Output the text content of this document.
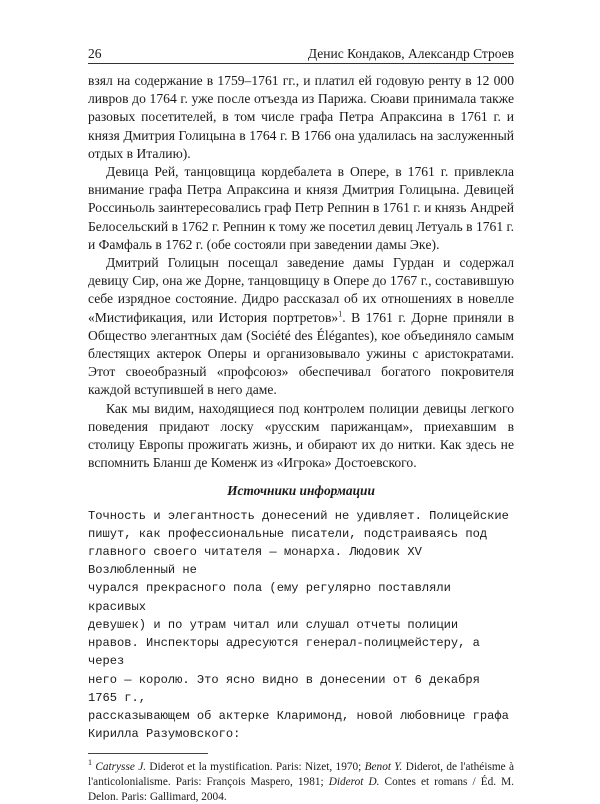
26	Денис Кондаков, Александр Строев

взял на содержание в 1759–1761 гг., и платил ей годовую ренту в 12 000 ливров до 1764 г. уже после отъезда из Парижа. Сюави принимала также разовых посетителей, в том числе графа Петра Апраксина в 1761 г. и князя Дмитрия Голицына в 1764 г. В 1766 она удалилась на заслуженный отдых в Италию).

Девица Рей, танцовщица кордебалета в Опере, в 1761 г. привлекла внимание графа Петра Апраксина и князя Дмитрия Голицына. Девицей Россиньоль заинтересовались граф Петр Репнин в 1761 г. и князь Андрей Белосельский в 1762 г. Репнин к тому же посетил девиц Летуаль в 1761 г. и Фамфаль в 1762 г. (обе состояли при заведении дамы Экe).

Дмитрий Голицын посещал заведение дамы Гурдан и содержал девицу Сир, она же Дорне, танцовщицу в Опере до 1767 г., составившую себе изрядное состояние. Дидро рассказал об их отношениях в новелле «Мистификация, или История портретов»$^1$. В 1761 г. Дорне приняли в Общество элегантных дам (Société des Élégantes), кое объединяло самым блестящих актерок Оперы и организовывало ужины с аристократами. Этот своеобразный «профсоюз» обеспечивал богатого покровителя каждой вступившей в него даме.

Как мы видим, находящиеся под контролем полиции девицы легкого поведения придают лоску «русским парижанцам», приехавшим в столицу Европы прожигать жизнь, и обирают их до нитки. Как здесь не вспомнить Бланш де Коменж из «Игрока» Достоевского.

Источники информации

Точность и элегантность донесений не удивляет. Полицейские

пишут, как профессиональные писатели, подстраиваясь под главного своего читателя — монарха. Людовик XV Возлюбленный не

чурался прекрасного пола (ему регулярно поставляли красивых

девушек) и по утрам читал или слушал отчеты полиции нравов. Инспекторы адресуются генерал-полицмейстеру, а через

него — королю. Это ясно видно в донесении от 6 декабря 1765 г.,

рассказывающем об актерке Кларимонд, новой любовнице графа Кирилла Разумовского:

$^1$ Catrysse J. Diderot et la mystification. Paris: Nizet, 1970; Benot Y. Diderot, de l'athéisme à l'anticolonialisme. Paris: François Maspero, 1981; Diderot D. Contes et romans / Éd. M. Delon. Paris: Gallimard, 2004.
